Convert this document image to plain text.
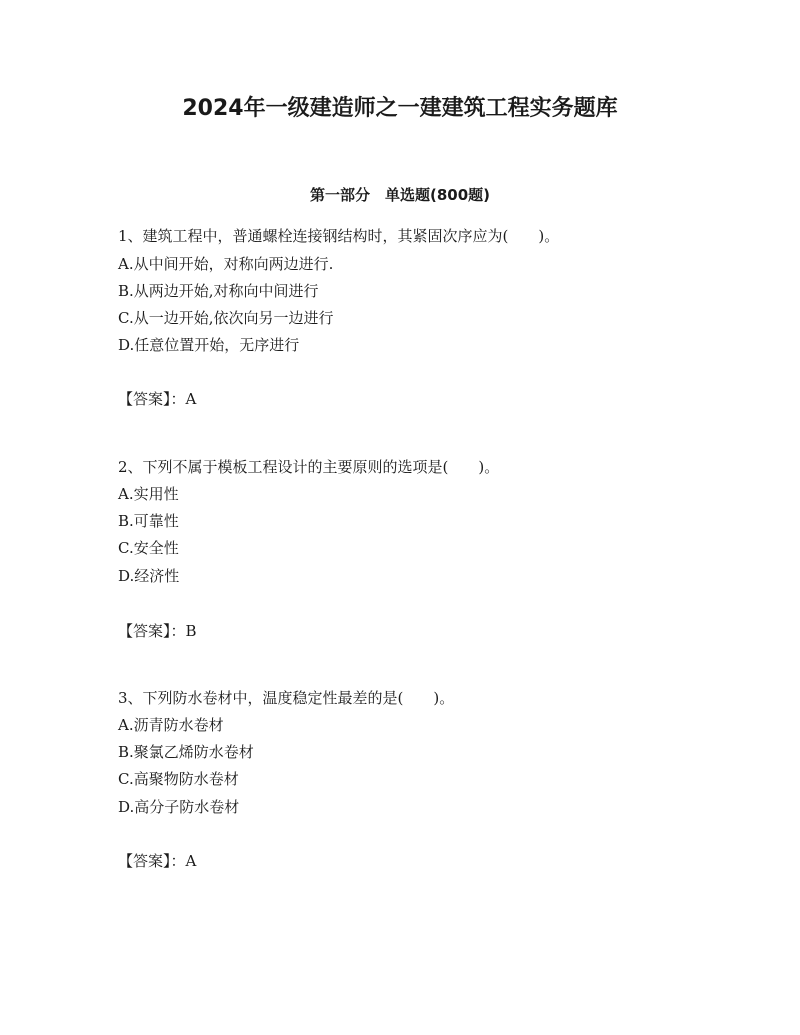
2024年一级建造师之一建建筑工程实务题库
第一部分　单选题(800题)

1、建筑工程中，普通螺栓连接钢结构时，其紧固次序应为(　　)。

A.从中间开始，对称向两边进行.

B.从两边开始,对称向中间进行

C.从一边开始,依次向另一边进行

D.任意位置开始，无序进行

【答案】：A

2、下列不属于模板工程设计的主要原则的选项是(　　)。

A.实用性

B.可靠性

C.安全性

D.经济性

【答案】：B

3、下列防水卷材中，温度稳定性最差的是(　　)。

A.沥青防水卷材

B.聚氯乙烯防水卷材

C.高聚物防水卷材

D.高分子防水卷材

【答案】：A
